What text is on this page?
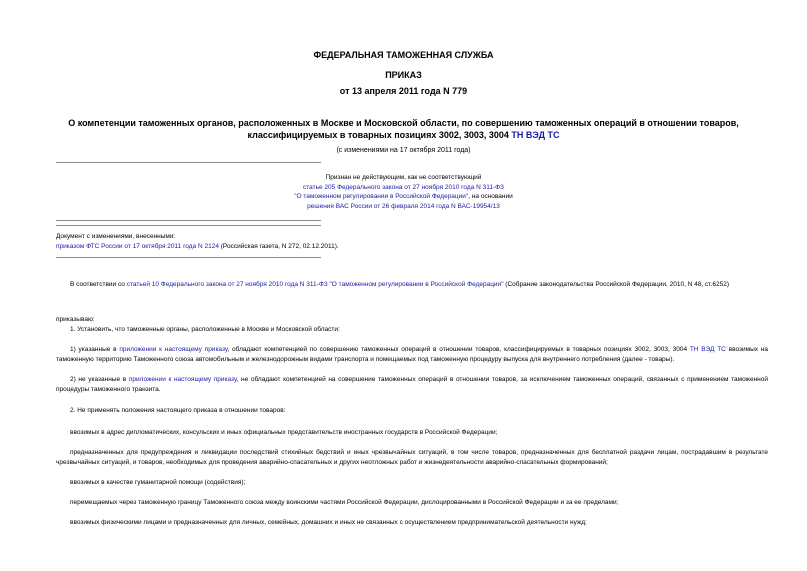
ФЕДЕРАЛЬНАЯ ТАМОЖЕННАЯ СЛУЖБА
ПРИКАЗ
от 13 апреля 2011 года N 779
О компетенции таможенных органов, расположенных в Москве и Московской области, по совершению таможенных операций в отношении товаров,
классифицируемых в товарных позициях 3002, 3003, 3004 ТН ВЭД ТС
(с изменениями на 17 октября 2011 года)
Признан не действующим, как не соответствующий
статье 205 Федерального закона от 27 ноября 2010 года N 311-ФЗ
"О таможенном регулировании в Российской Федерации", на основании
решения ВАС России от 26 февраля 2014 года N ВАС-19954/13
Документ с изменениями, внесенными:
приказом ФТС России от 17 октября 2011 года N 2124 (Российская газета, N 272, 02.12.2011).
В соответствии со статьей 10 Федерального закона от 27 ноября 2010 года N 311-ФЗ "О таможенном регулировании в Российской Федерации" (Собрание законодательства Российской Федерации, 2010, N 48, ст.6252)
приказываю:
1. Установить, что таможенные органы, расположенные в Москве и Московской области:
1) указанные в приложении к настоящему приказу, обладают компетенцией по совершению таможенных операций в отношении товаров, классифицируемых в товарных позициях 3002, 3003, 3004 ТН ВЭД ТС ввозимых на таможенную территорию Таможенного союза автомобильным и железнодорожным видами транспорта и помещаемых под таможенную процедуру выпуска для внутреннего потребления (далее - товары).
2) не указанные в приложении к настоящему приказу, не обладают компетенцией на совершение таможенных операций в отношении товаров, за исключением таможенных операций, связанных с применением таможенной процедуры таможенного транзита.
2. Не применять положения настоящего приказа в отношении товаров:
ввозимых в адрес дипломатических, консульских и иных официальных представительств иностранных государств в Российской Федерации;
предназначенных для предупреждения и ликвидации последствий стихийных бедствий и иных чрезвычайных ситуаций, в том числе товаров, предназначенных для бесплатной раздачи лицам, пострадавшим в результате чрезвычайных ситуаций, и товаров, необходимых для проведения аварийно-спасательных и других неотложных работ и жизнедеятельности аварийно-спасательных формирований;
ввозимых в качестве гуманитарной помощи (содействия);
перемещаемых через таможенную границу Таможенного союза между воинскими частями Российской Федерации, дислоцированными в Российской Федерации и за ее пределами;
ввозимых физическими лицами и предназначенных для личных, семейных, домашних и иных не связанных с осуществлением предпринимательской деятельности нужд;
